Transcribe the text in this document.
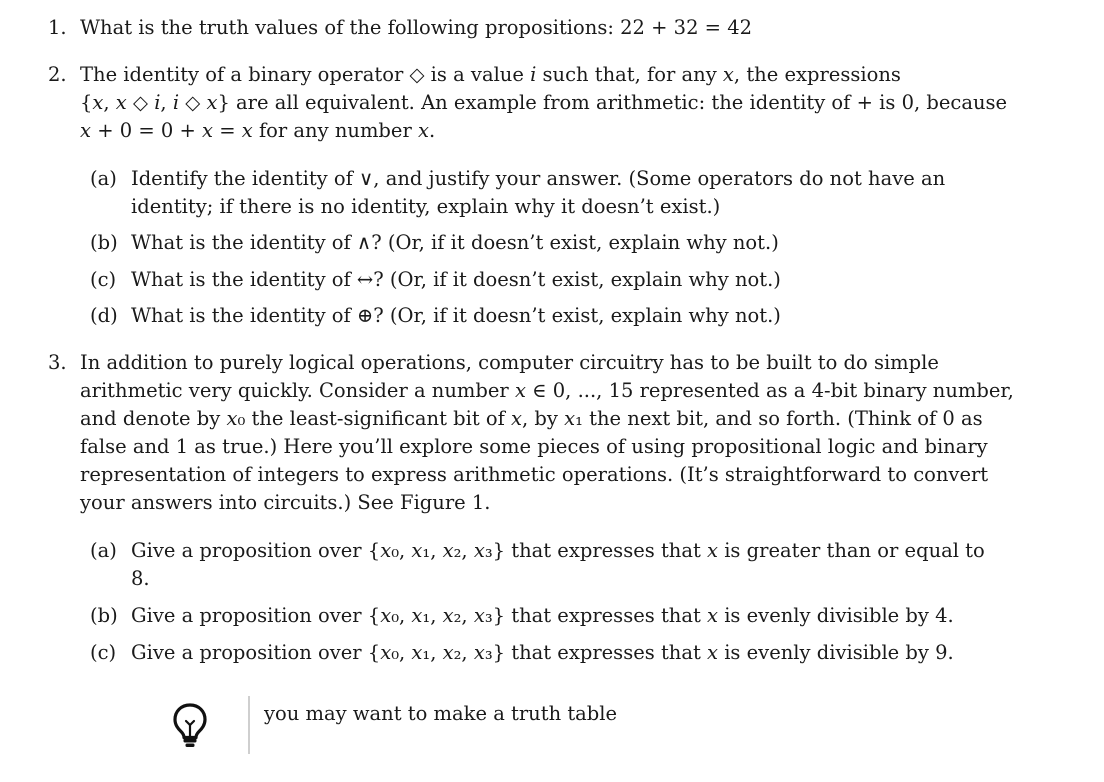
1. What is the truth values of the following propositions: 22 + 32 = 42
2. The identity of a binary operator ◇ is a value 𝑖 such that, for any 𝑥, the expressions
{𝑥, 𝑥 ◇ 𝑖, 𝑖 ◇ 𝑥} are all equivalent. An example from arithmetic: the identity of + is 0, because
𝑥 + 0 = 0 + 𝑥 = 𝑥 for any number 𝑥.
(a) Identify the identity of ∨, and justify your answer. (Some operators do not have an
identity; if there is no identity, explain why it doesn’t exist.)
(b) What is the identity of ∧? (Or, if it doesn’t exist, explain why not.)
(c) What is the identity of ↔? (Or, if it doesn’t exist, explain why not.)
(d) What is the identity of ⊕? (Or, if it doesn’t exist, explain why not.)
3. In addition to purely logical operations, computer circuitry has to be built to do simple
arithmetic very quickly. Consider a number 𝑥 ∈ 0, ..., 15 represented as a 4-bit binary number,
and denote by 𝑥₀ the least-significant bit of 𝑥, by 𝑥₁ the next bit, and so forth. (Think of 0 as
false and 1 as true.) Here you’ll explore some pieces of using propositional logic and binary
representation of integers to express arithmetic operations. (It’s straightforward to convert
your answers into circuits.) See Figure 1.
(a) Give a proposition over {𝑥₀, 𝑥₁, 𝑥₂, 𝑥₃} that expresses that 𝑥 is greater than or equal to
8.
(b) Give a proposition over {𝑥₀, 𝑥₁, 𝑥₂, 𝑥₃} that expresses that 𝑥 is evenly divisible by 4.
(c) Give a proposition over {𝑥₀, 𝑥₁, 𝑥₂, 𝑥₃} that expresses that 𝑥 is evenly divisible by 9.
you may want to make a truth table
